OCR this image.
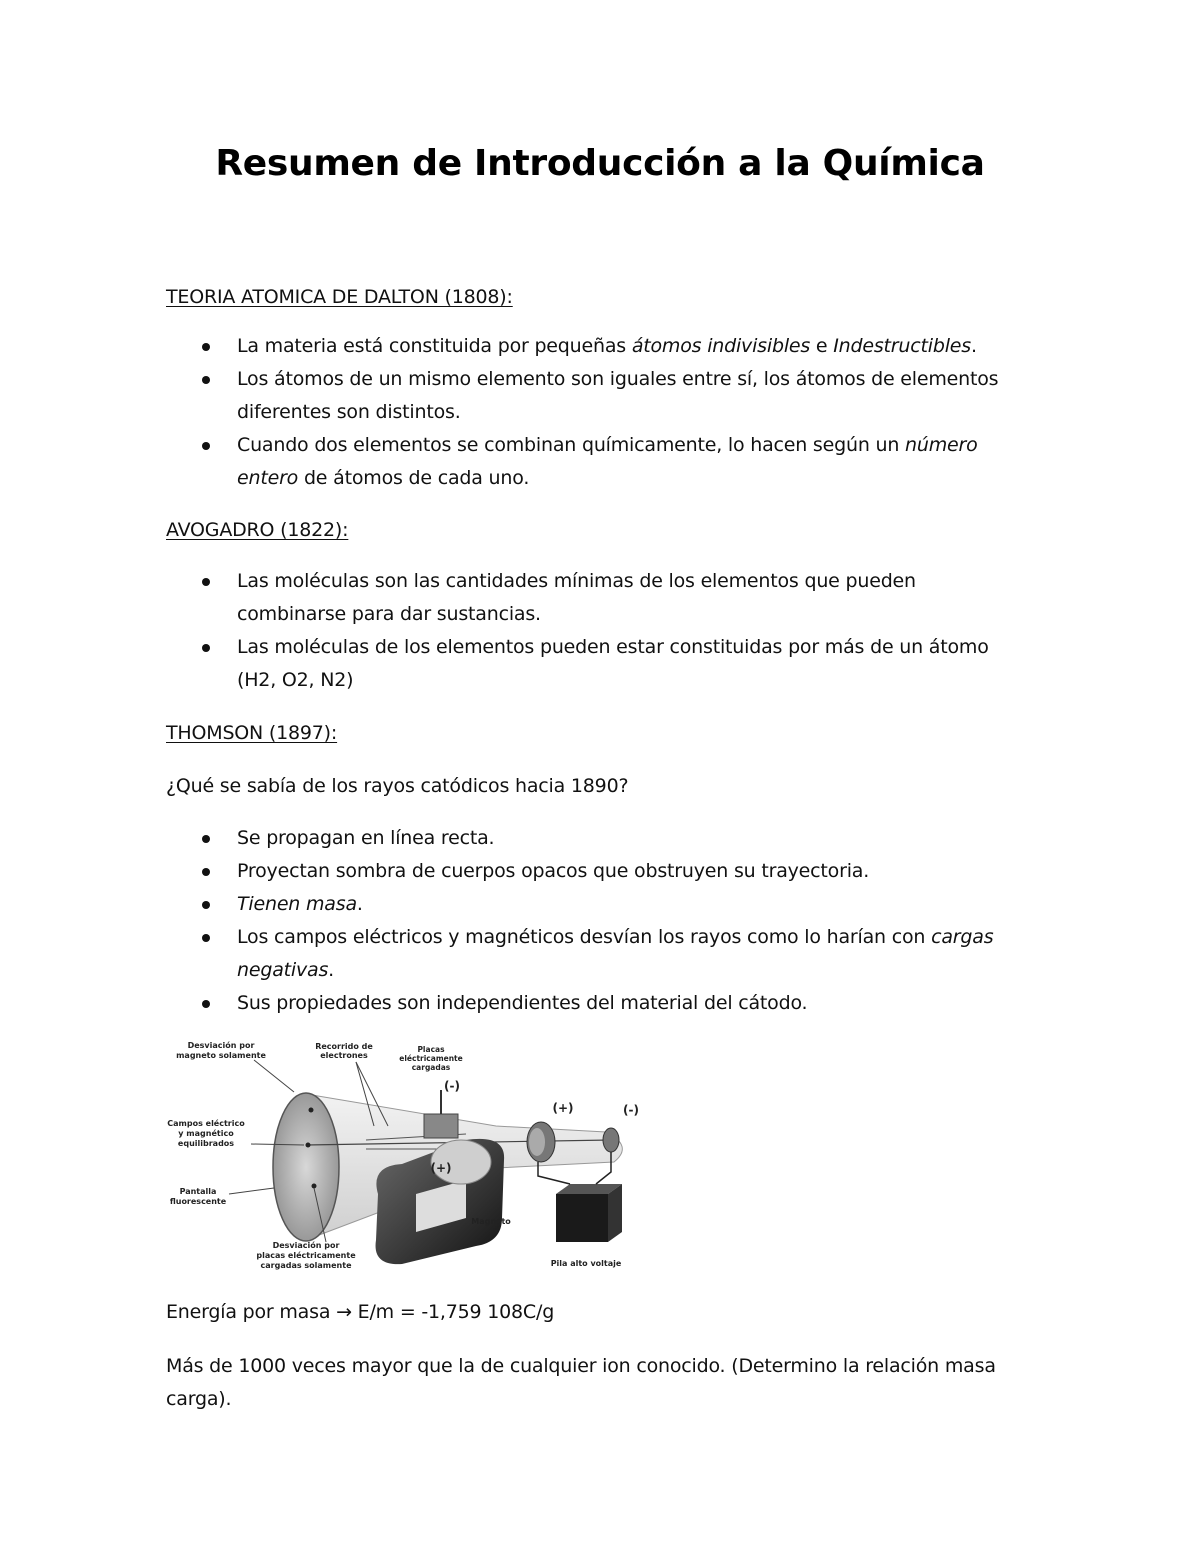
Resumen de Introducción a la Química

TEORIA ATOMICA DE DALTON (1808):

La materia está constituida por pequeñas átomos indivisibles e Indestructibles.
Los átomos de un mismo elemento son iguales entre sí, los átomos de elementos
diferentes son distintos.
Cuando dos elementos se combinan químicamente, lo hacen según un número
entero de átomos de cada uno.

AVOGADRO (1822):

Las moléculas son las cantidades mínimas de los elementos que pueden
combinarse para dar sustancias.
Las moléculas de los elementos pueden estar constituidas por más de un átomo
(H2, O2, N2)

THOMSON (1897):

¿Qué se sabía de los rayos catódicos hacia 1890?

Se propagan en línea recta.
Proyectan sombra de cuerpos opacos que obstruyen su trayectoria.
Tienen masa.
Los campos eléctricos y magnéticos desvían los rayos como lo harían con cargas
negativas.
Sus propiedades son independientes del material del cátodo.
Desviación por
magneto solamente
Recorrido de
electrones
Placas
eléctricamente
cargadas
(-)
(+)
(+)	(-)
Campos eléctrico
y magnético
equilibrados
Pantalla
fluorescente
Magneto
Desviación por
placas eléctricamente
cargadas solamente	Pila alto voltaje

Energía por masa → E/m = -1,759 108C/g

Más de 1000 veces mayor que la de cualquier ion conocido. (Determino la relación masa

carga).
